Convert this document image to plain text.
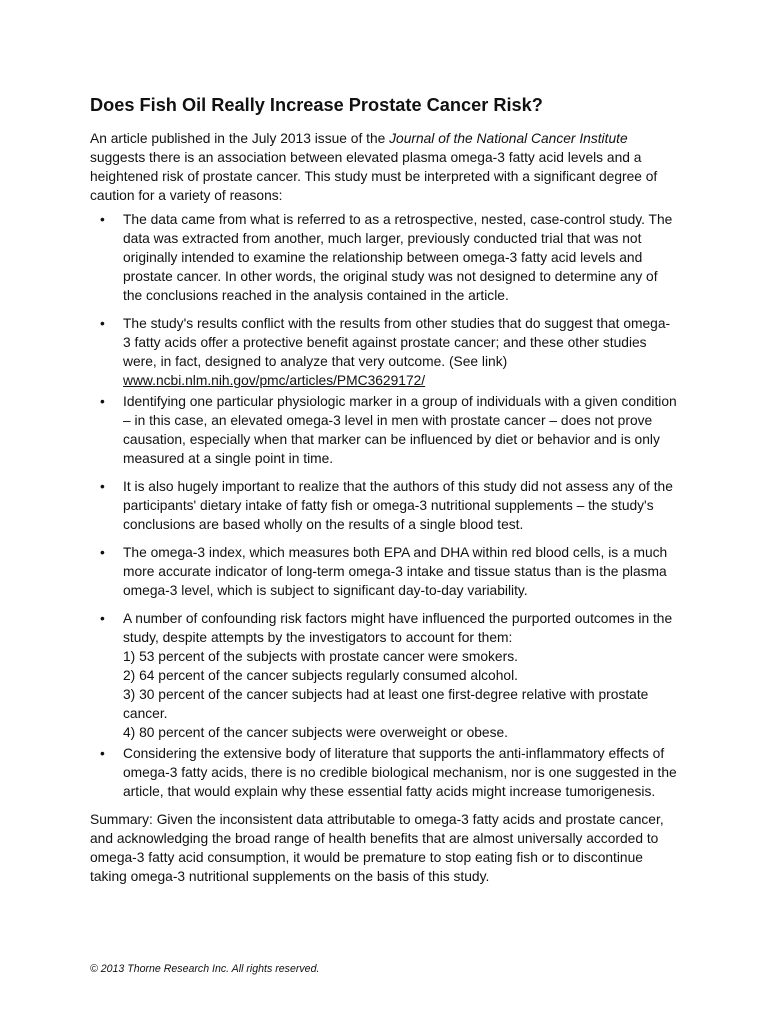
Does Fish Oil Really Increase Prostate Cancer Risk?

An article published in the July 2013 issue of the Journal of the National Cancer Institute suggests there is an association between elevated plasma omega-3 fatty acid levels and a heightened risk of prostate cancer. This study must be interpreted with a significant degree of caution for a variety of reasons:

• The data came from what is referred to as a retrospective, nested, case-control study. The
data was extracted from another, much larger, previously conducted trial that was not
originally intended to examine the relationship between omega-3 fatty acid levels and
prostate cancer. In other words, the original study was not designed to determine any of
the conclusions reached in the analysis contained in the article.
• The study's results conflict with the results from other studies that do suggest that omega-
3 fatty acids offer a protective benefit against prostate cancer; and these other studies
were, in fact, designed to analyze that very outcome. (See link)
www.ncbi.nlm.nih.gov/pmc/articles/PMC3629172/
• Identifying one particular physiologic marker in a group of individuals with a given condition
– in this case, an elevated omega-3 level in men with prostate cancer – does not prove
causation, especially when that marker can be influenced by diet or behavior and is only
measured at a single point in time.
• It is also hugely important to realize that the authors of this study did not assess any of the
participants' dietary intake of fatty fish or omega-3 nutritional supplements – the study's
conclusions are based wholly on the results of a single blood test.
• The omega-3 index, which measures both EPA and DHA within red blood cells, is a much
more accurate indicator of long-term omega-3 intake and tissue status than is the plasma
omega-3 level, which is subject to significant day-to-day variability.
• A number of confounding risk factors might have influenced the purported outcomes in the
study, despite attempts by the investigators to account for them:
1) 53 percent of the subjects with prostate cancer were smokers.
2) 64 percent of the cancer subjects regularly consumed alcohol.
3) 30 percent of the cancer subjects had at least one first-degree relative with prostate
cancer.
4) 80 percent of the cancer subjects were overweight or obese.
• Considering the extensive body of literature that supports the anti-inflammatory effects of
omega-3 fatty acids, there is no credible biological mechanism, nor is one suggested in the
article, that would explain why these essential fatty acids might increase tumorigenesis.

Summary: Given the inconsistent data attributable to omega-3 fatty acids and prostate cancer, and acknowledging the broad range of health benefits that are almost universally accorded to omega-3 fatty acid consumption, it would be premature to stop eating fish or to discontinue taking omega-3 nutritional supplements on the basis of this study.

© 2013 Thorne Research Inc. All rights reserved.
